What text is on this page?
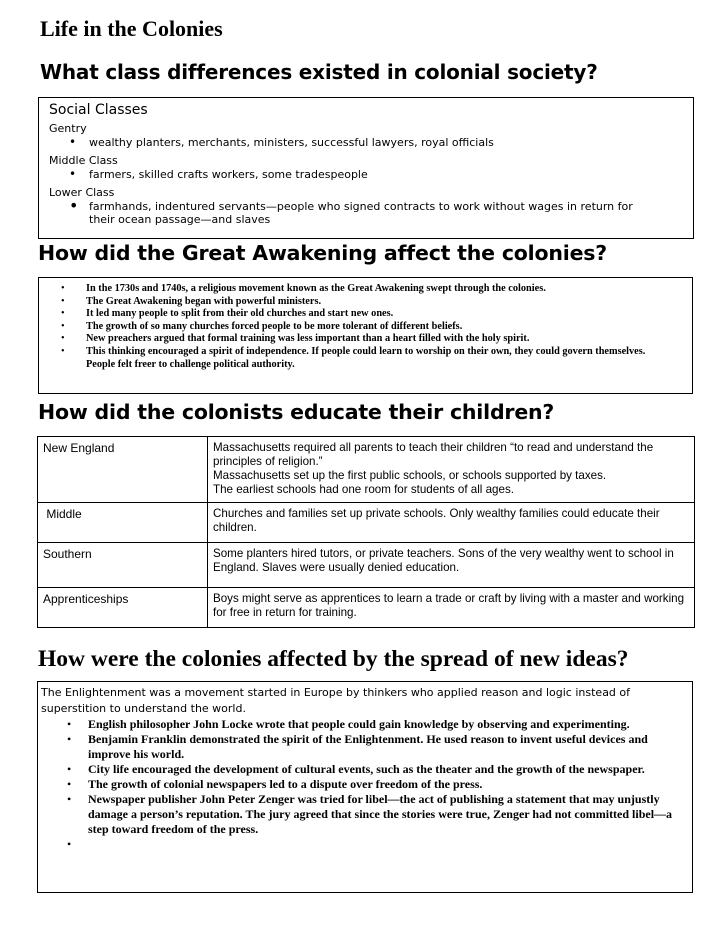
Life in the Colonies
What class differences existed in colonial society?
Social Classes
Gentry
• wealthy planters, merchants, ministers, successful lawyers, royal officials
Middle Class
• farmers, skilled crafts workers, some tradespeople
Lower Class
• farmhands, indentured servants—people who signed contracts to work without wages in return for their ocean passage—and slaves
How did the Great Awakening affect the colonies?
• In the 1730s and 1740s, a religious movement known as the Great Awakening swept through the colonies.
• The Great Awakening began with powerful ministers.
• It led many people to split from their old churches and start new ones.
• The growth of so many churches forced people to be more tolerant of different beliefs.
• New preachers argued that formal training was less important than a heart filled with the holy spirit.
• This thinking encouraged a spirit of independence. If people could learn to worship on their own, they could govern themselves. People felt freer to challenge political authority.
How did the colonists educate their children?
New England	Massachusetts required all parents to teach their children “to read and understand the principles of religion.”
Massachusetts set up the first public schools, or schools supported by taxes.
The earliest schools had one room for students of all ages.
Middle	Churches and families set up private schools. Only wealthy families could educate their children.
Southern	Some planters hired tutors, or private teachers. Sons of the very wealthy went to school in England. Slaves were usually denied education.
Apprenticeships	Boys might serve as apprentices to learn a trade or craft by living with a master and working for free in return for training.
How were the colonies affected by the spread of new ideas?
The Enlightenment was a movement started in Europe by thinkers who applied reason and logic instead of superstition to understand the world.
• English philosopher John Locke wrote that people could gain knowledge by observing and experimenting.
• Benjamin Franklin demonstrated the spirit of the Enlightenment. He used reason to invent useful devices and improve his world.
• City life encouraged the development of cultural events, such as the theater and the growth of the newspaper.
• The growth of colonial newspapers led to a dispute over freedom of the press.
• Newspaper publisher John Peter Zenger was tried for libel—the act of publishing a statement that may unjustly damage a person’s reputation. The jury agreed that since the stories were true, Zenger had not committed libel—a step toward freedom of the press.
•
